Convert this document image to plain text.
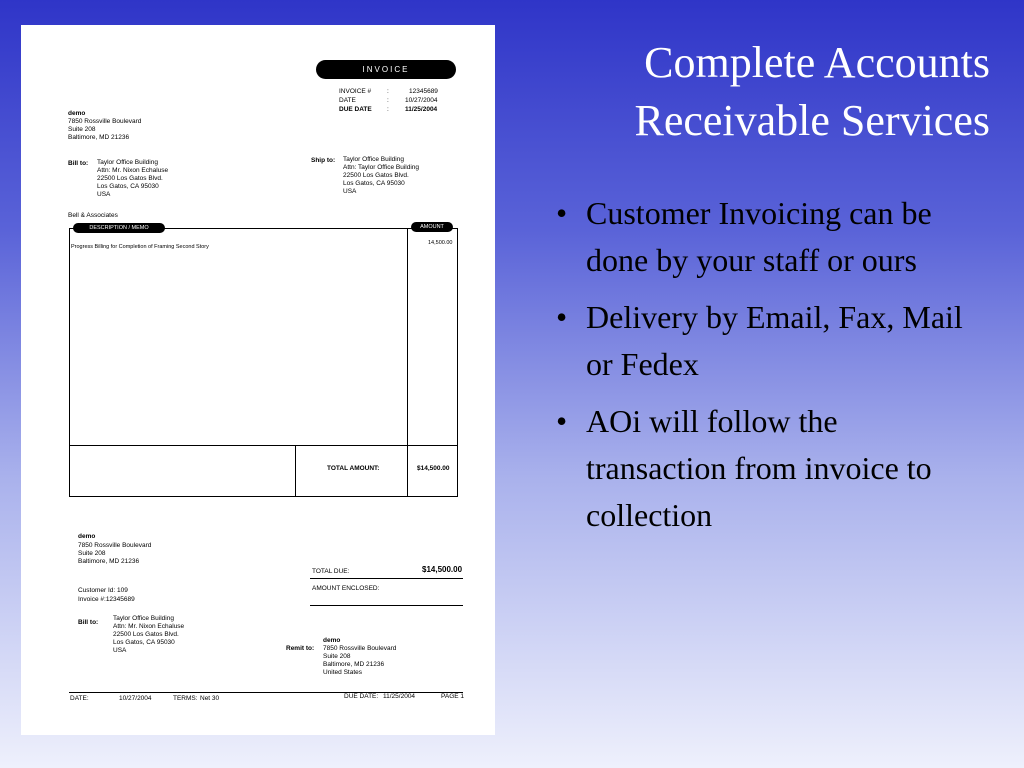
Complete Accounts
Receivable Services
• Customer Invoicing can be done by your staff or ours
• Delivery by Email, Fax, Mail or Fedex
• AOi will follow the transaction from invoice to collection
INVOICE
INVOICE # :	12345689
DATE	: 10/27/2004
DUE DATE : 11/25/2004
demo
7850 Rossville Boulevard
Suite 208
Baltimore, MD 21236
Bill to: Taylor Office Building
Attn: Mr. Nixon Echaluse
22500 Los Gatos Blvd.
Los Gatos, CA 95030
USA
Ship to: Taylor Office Building
Attn: Taylor Office Building
22500 Los Gatos Blvd.
Los Gatos, CA 95030
USA
Bell & Associates
DESCRIPTION / MEMO	AMOUNT
Progress Billing for Completion of Framing Second Story
14,500.00
TOTAL AMOUNT:	$14,500.00
demo
7850 Rossville Boulevard
Suite 208
Baltimore, MD 21236
TOTAL DUE:	$14,500.00
Customer Id: 109
Invoice #:12345689
AMOUNT ENCLOSED:
Bill to:
Taylor Office Building
Attn: Mr. Nixon Echaluse
22500 Los Gatos Blvd.
Los Gatos, CA 95030
USA	Remit to:
demo
7850 Rossville Boulevard
Suite 208
Baltimore, MD 21236
United States
DATE:	10/27/2004	TERMS: Net 30	DUE DATE: 11/25/2004	PAGE 1
